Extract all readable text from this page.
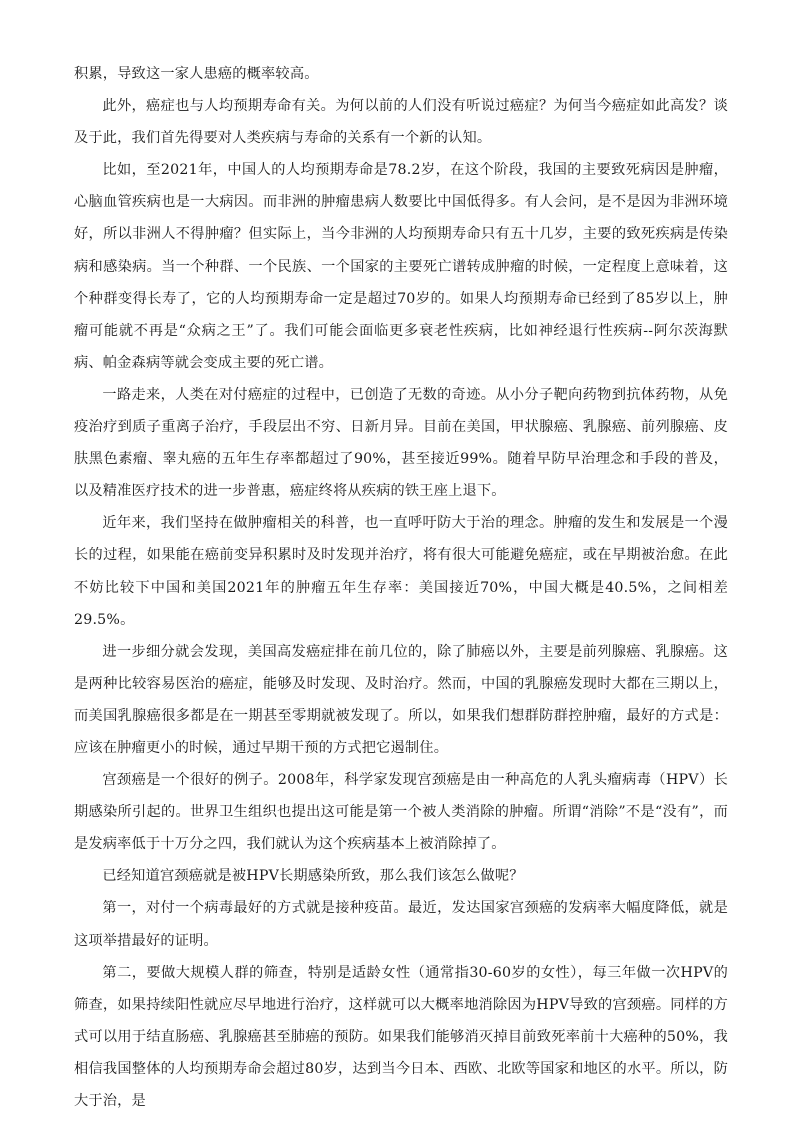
积累，导致这一家人患癌的概率较高。

此外，癌症也与人均预期寿命有关。为何以前的人们没有听说过癌症？为何当今癌症如此高发？谈及于此，我们首先得要对人类疾病与寿命的关系有一个新的认知。

比如，至2021年，中国人的人均预期寿命是78.2岁，在这个阶段，我国的主要致死病因是肿瘤，心脑血管疾病也是一大病因。而非洲的肿瘤患病人数要比中国低得多。有人会问，是不是因为非洲环境好，所以非洲人不得肿瘤？但实际上，当今非洲的人均预期寿命只有五十几岁，主要的致死疾病是传染病和感染病。当一个种群、一个民族、一个国家的主要死亡谱转成肿瘤的时候，一定程度上意味着，这个种群变得长寿了，它的人均预期寿命一定是超过70岁的。如果人均预期寿命已经到了85岁以上，肿瘤可能就不再是“众病之王”了。我们可能会面临更多衰老性疾病，比如神经退行性疾病--阿尔茨海默病、帕金森病等就会变成主要的死亡谱。

一路走来，人类在对付癌症的过程中，已创造了无数的奇迹。从小分子靶向药物到抗体药物，从免疫治疗到质子重离子治疗，手段层出不穷、日新月异。目前在美国，甲状腺癌、乳腺癌、前列腺癌、皮肤黑色素瘤、睾丸癌的五年生存率都超过了90%，甚至接近99%。随着早防早治理念和手段的普及，以及精准医疗技术的进一步普惠，癌症终将从疾病的铁王座上退下。

近年来，我们坚持在做肿瘤相关的科普，也一直呼吁防大于治的理念。肿瘤的发生和发展是一个漫长的过程，如果能在癌前变异积累时及时发现并治疗，将有很大可能避免癌症，或在早期被治愈。在此不妨比较下中国和美国2021年的肿瘤五年生存率：美国接近70%，中国大概是40.5%，之间相差29.5%。

进一步细分就会发现，美国高发癌症排在前几位的，除了肺癌以外，主要是前列腺癌、乳腺癌。这是两种比较容易医治的癌症，能够及时发现、及时治疗。然而，中国的乳腺癌发现时大都在三期以上，而美国乳腺癌很多都是在一期甚至零期就被发现了。所以，如果我们想群防群控肿瘤，最好的方式是：应该在肿瘤更小的时候，通过早期干预的方式把它遏制住。

宫颈癌是一个很好的例子。2008年，科学家发现宫颈癌是由一种高危的人乳头瘤病毒（HPV）长期感染所引起的。世界卫生组织也提出这可能是第一个被人类消除的肿瘤。所谓“消除”不是“没有”，而是发病率低于十万分之四，我们就认为这个疾病基本上被消除掉了。

已经知道宫颈癌就是被HPV长期感染所致，那么我们该怎么做呢？

第一，对付一个病毒最好的方式就是接种疫苗。最近，发达国家宫颈癌的发病率大幅度降低，就是这项举措最好的证明。

第二，要做大规模人群的筛查，特别是适龄女性（通常指30-60岁的女性），每三年做一次HPV的筛查，如果持续阳性就应尽早地进行治疗，这样就可以大概率地消除因为HPV导致的宫颈癌。同样的方式可以用于结直肠癌、乳腺癌甚至肺癌的预防。如果我们能够消灭掉目前致死率前十大癌种的50%，我相信我国整体的人均预期寿命会超过80岁，达到当今日本、西欧、北欧等国家和地区的水平。所以，防大于治，是
